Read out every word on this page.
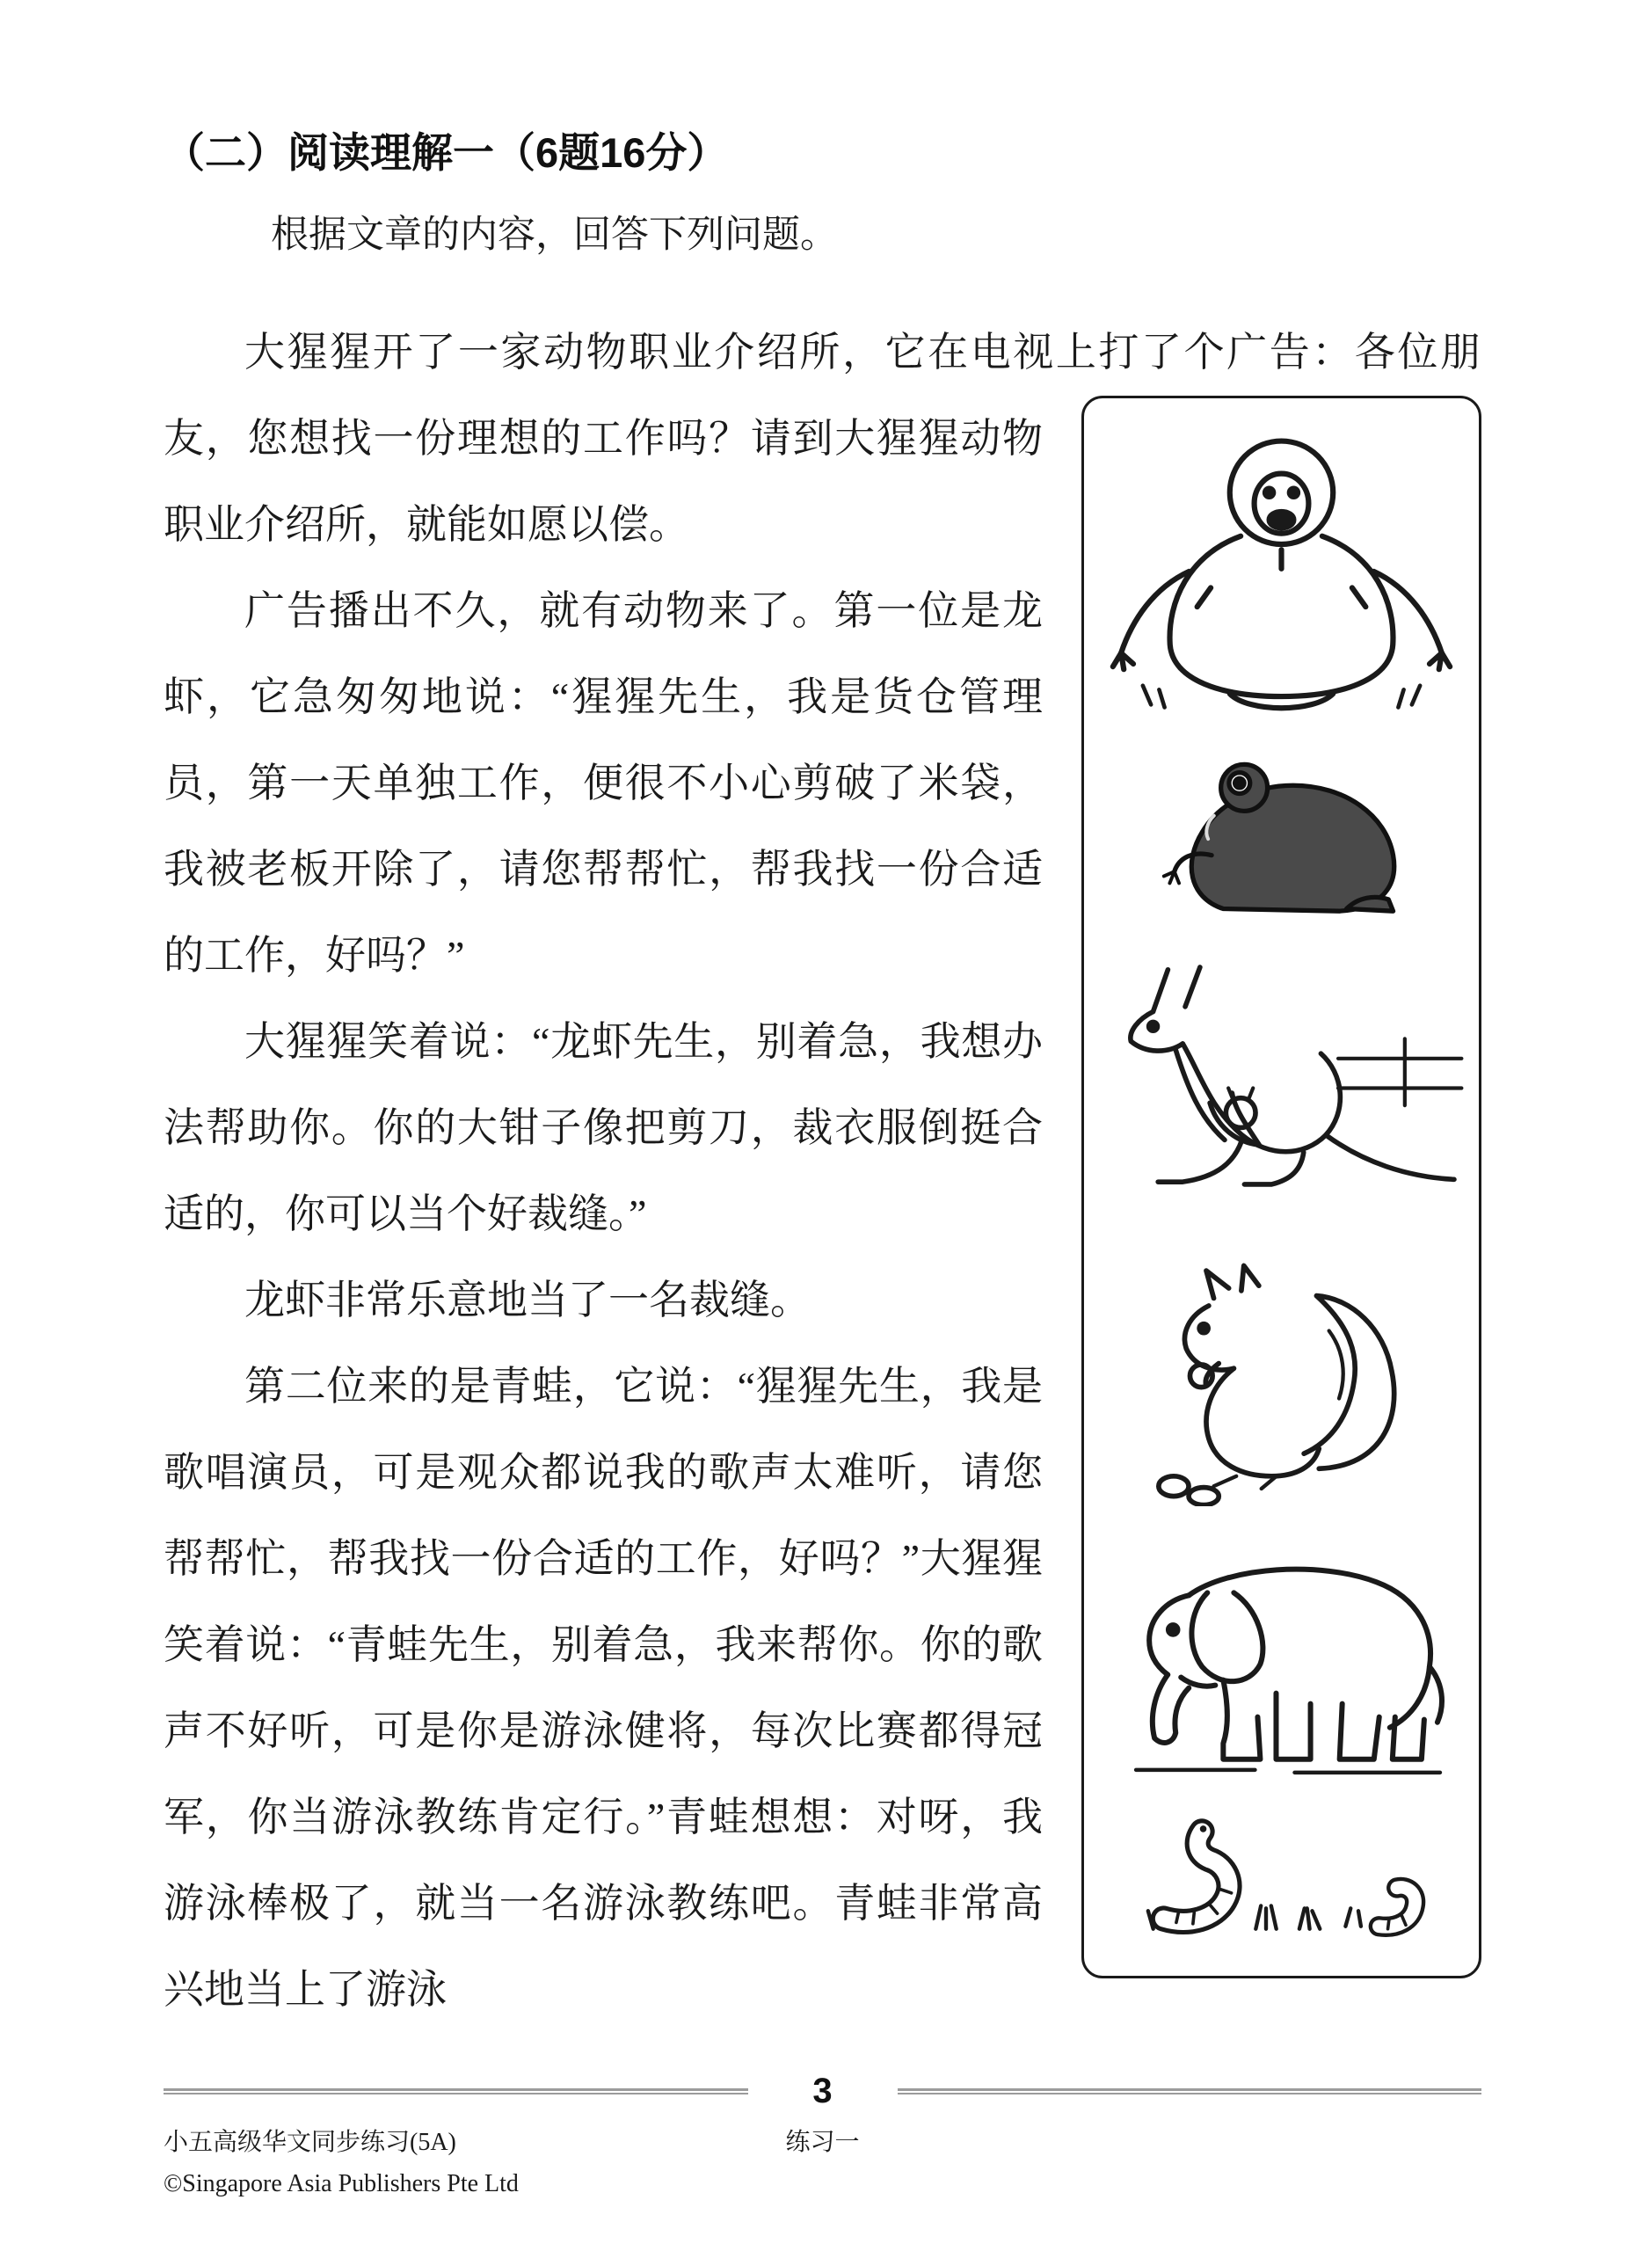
（二）阅读理解一（6题16分）

根据文章的内容，回答下列问题。

大猩猩开了一家动物职业介绍所，它在电视上打了个广告：各位朋友，您想找一份理想的工作吗？请到大猩猩动物职业介绍所，就能如愿以偿。

广告播出不久，就有动物来了。第一位是龙虾，它急匆匆地说：“猩猩先生，我是货仓管理员，第一天单独工作，便很不小心剪破了米袋，我被老板开除了，请您帮帮忙，帮我找一份合适的工作，好吗？”

大猩猩笑着说：“龙虾先生，别着急，我想办法帮助你。你的大钳子像把剪刀，裁衣服倒挺合适的，你可以当个好裁缝。”

龙虾非常乐意地当了一名裁缝。

第二位来的是青蛙，它说：“猩猩先生，我是歌唱演员，可是观众都说我的歌声太难听，请您帮帮忙，帮我找一份合适的工作，好吗？”大猩猩笑着说：“青蛙先生，别着急，我来帮你。你的歌声不好听，可是你是游泳健将，每次比赛都得冠军，你当游泳教练肯定行。”青蛙想想：对呀，我游泳棒极了，就当一名游泳教练吧。青蛙非常高兴地当上了游泳

3
小五高级华文同步练习(5A)	练习一
©Singapore Asia Publishers Pte Ltd
